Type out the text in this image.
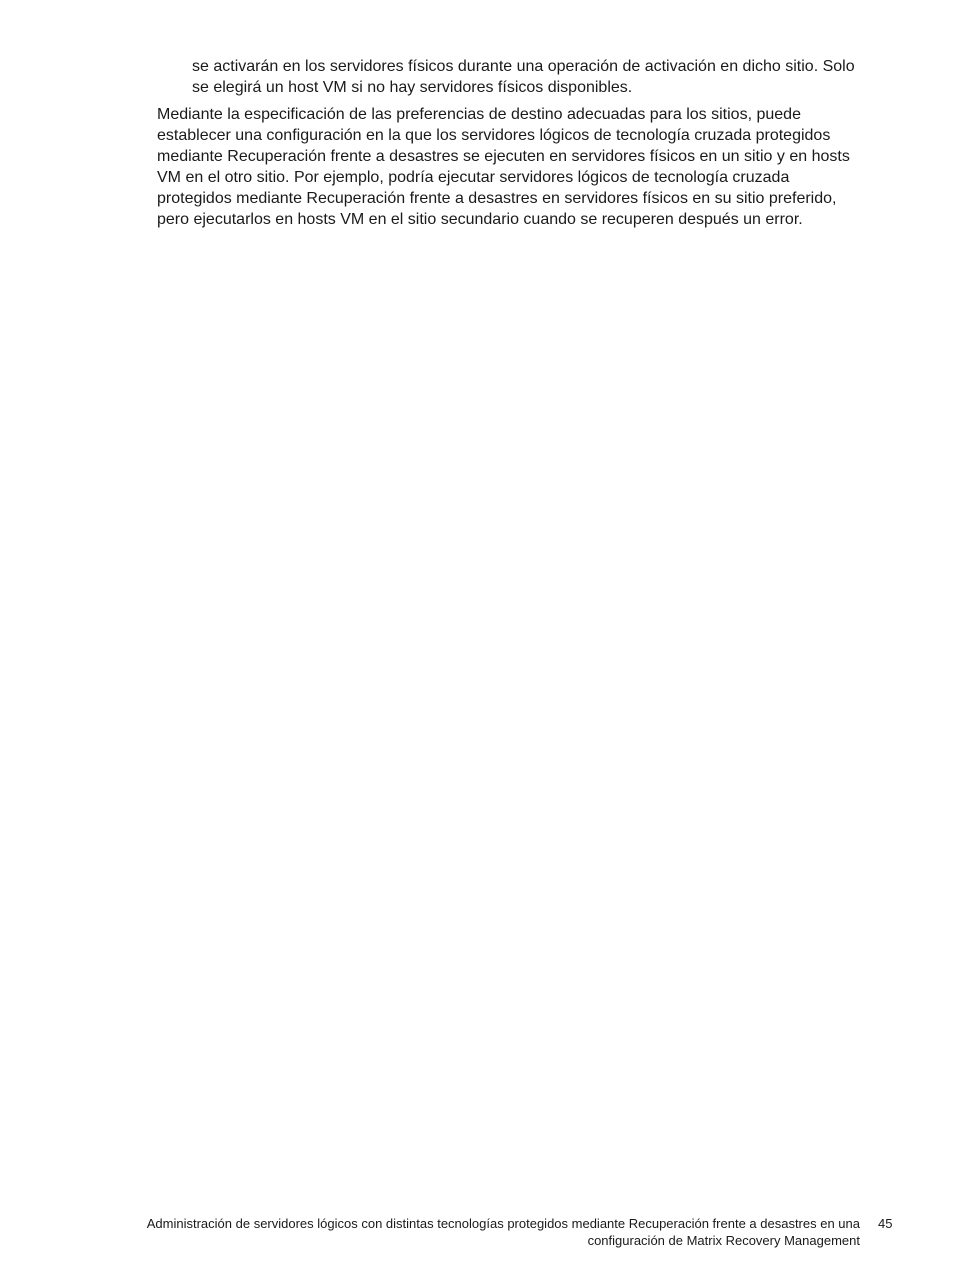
se activarán en los servidores físicos durante una operación de activación en dicho sitio. Solo
se elegirá un host VM si no hay servidores físicos disponibles.

Mediante la especificación de las preferencias de destino adecuadas para los sitios, puede
establecer una configuración en la que los servidores lógicos de tecnología cruzada protegidos
mediante Recuperación frente a desastres se ejecuten en servidores físicos en un sitio y en hosts
VM en el otro sitio. Por ejemplo, podría ejecutar servidores lógicos de tecnología cruzada
protegidos mediante Recuperación frente a desastres en servidores físicos en su sitio preferido,
pero ejecutarlos en hosts VM en el sitio secundario cuando se recuperen después un error.

Administración de servidores lógicos con distintas tecnologías protegidos mediante Recuperación frente a desastres en una
configuración de Matrix Recovery Management

45
